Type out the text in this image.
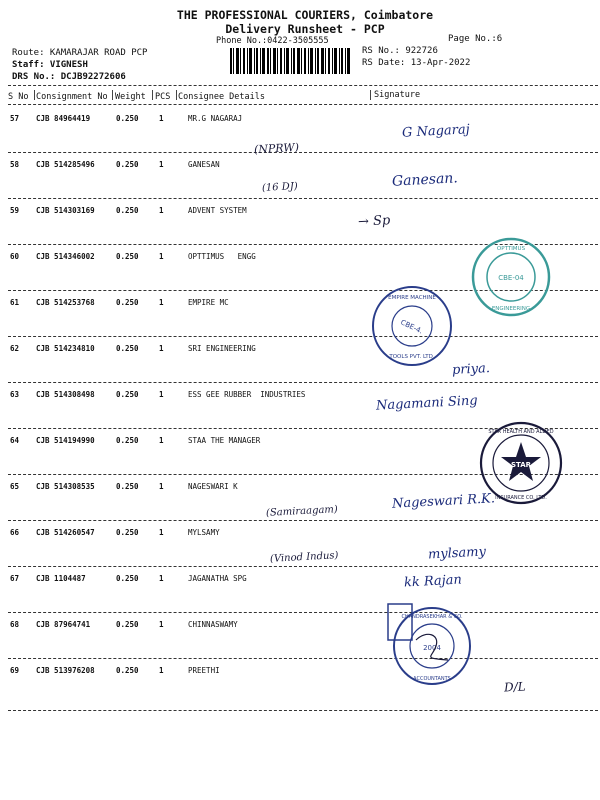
THE PROFESSIONAL COURIERS, Coimbatore
Delivery Runsheet - PCP
Phone No.:0422-3505555	Page No.:6
Route: KAMARAJAR ROAD PCP
Staff: VIGNESH
DRS No.: DCJB92272606
RS No.: 922726
RS Date: 13-Apr-2022
S No Consignment No Weight PCS Consignee Details	Signature
57 CJB 84964419	0.250	1	MR.G NAGARAJ
58 CJB 514285496	0.250	1	GANESAN
59 CJB 514303169	0.250	1	ADVENT SYSTEM
60 CJB 514346002	0.250	1	OPTTIMUS   ENGG
61 CJB 514253768	0.250	1	EMPIRE MC
62 CJB 514234810	0.250	1	SRI ENGINEERING
63 CJB 514308498	0.250	1	ESS GEE RUBBER  INDUSTRIES
64 CJB 514194990	0.250	1	STAA THE MANAGER
65 CJB 514308535	0.250	1	NAGESWARI K
66 CJB 514260547	0.250	1	MYLSAMY
67 CJB 1104487	0.250	1	JAGANATHA SPG
68 CJB 87964741	0.250	1	CHINNASWAMY
69 CJB 513976208	0.250	1	PREETHI
G Nagaraj
(NPRW)
(16 DJ)	Ganesan.
→ Sp
priya.
Nagamani Sing
(Samiraagam)	Nageswari R.K.
(Vinod Indus)	mylsamy
kk Rajan
D/L
CBE-04
OPTTIMUS
ENGINEERING
CBE-4.
EMPIRE MACHINE
TOOLS PVT. LTD.
STAR
STAR HEALTH AND ALLIED
INSURANCE CO. LTD.
2004
CHANDRASEKHAR & CO.
ACCOUNTANTS
